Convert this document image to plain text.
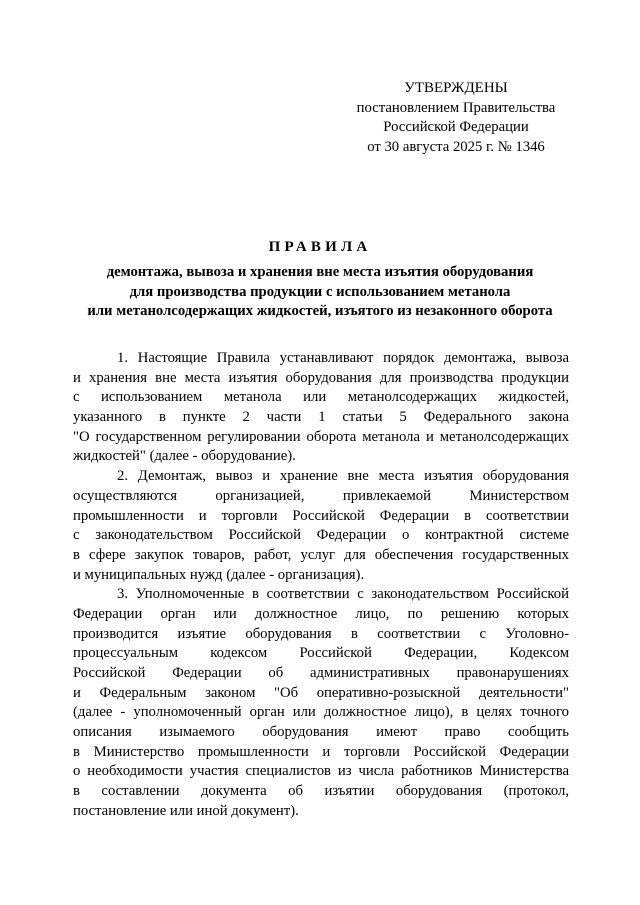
УТВЕРЖДЕНЫ
постановлением Правительства
Российской Федерации
от 30 августа 2025 г. № 1346
ПРАВИЛА
демонтажа, вывоза и хранения вне места изъятия оборудования
для производства продукции с использованием метанола
или метанолсодержащих жидкостей, изъятого из незаконного оборота
1. Настоящие Правила устанавливают порядок демонтажа, вывоза
и хранения вне места изъятия оборудования для производства продукции
с использованием метанола или метанолсодержащих жидкостей,
указанного в пункте 2 части 1 статьи 5 Федерального закона
"О государственном регулировании оборота метанола и метанолсодержащих
жидкостей" (далее - оборудование).
2. Демонтаж, вывоз и хранение вне места изъятия оборудования
осуществляются организацией, привлекаемой Министерством
промышленности и торговли Российской Федерации в соответствии
с законодательством Российской Федерации о контрактной системе
в сфере закупок товаров, работ, услуг для обеспечения государственных
и муниципальных нужд (далее - организация).
3. Уполномоченные в соответствии с законодательством Российской
Федерации орган или должностное лицо, по решению которых
производится изъятие оборудования в соответствии с Уголовно-
процессуальным кодексом Российской Федерации, Кодексом
Российской Федерации об административных правонарушениях
и Федеральным законом "Об оперативно-розыскной деятельности"
(далее - уполномоченный орган или должностное лицо), в целях точного
описания изымаемого оборудования имеют право сообщить
в Министерство промышленности и торговли Российской Федерации
о необходимости участия специалистов из числа работников Министерства
в составлении документа об изъятии оборудования (протокол,
постановление или иной документ).
